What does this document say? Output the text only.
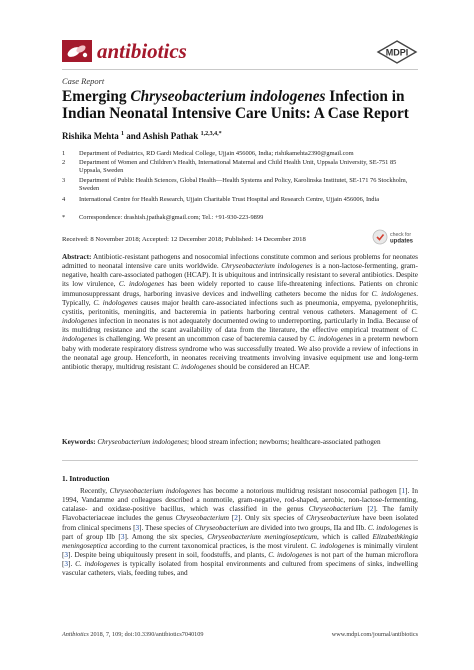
antibiotics	MDPI
Case Report
Emerging Chryseobacterium indologenes Infection in Indian Neonatal Intensive Care Units: A Case Report
Rishika Mehta $^1$ and Ashish Pathak $^{1,2,3,4,*}$
1	Department of Pediatrics, RD Gardi Medical College, Ujjain 456006, India; rishikamehta2390@gmail.com
2	Department of Women and Children’s Health, International Maternal and Child Health Unit, Uppsala University, SE-751 85 Uppsala, Sweden
3	Department of Public Health Sciences, Global Health—Health Systems and Policy, Karolinska Institutet, SE-171 76 Stockholm, Sweden
4	International Centre for Health Research, Ujjain Charitable Trust Hospital and Research Centre, Ujjain 456006, India
*	Correspondence: drashish.jpathak@gmail.com; Tel.: +91-930-223-9899
Received: 8 November 2018; Accepted: 12 December 2018; Published: 14 December 2018
check for
updates
Abstract: Antibiotic-resistant pathogens and nosocomial infections constitute common and serious problems for neonates admitted to neonatal intensive care units worldwide. Chryseobacterium indologenes is a non-lactose-fermenting, gram-negative, health care-associated pathogen (HCAP). It is ubiquitous and intrinsically resistant to several antibiotics. Despite its low virulence, C. indologenes has been widely reported to cause life-threatening infections. Patients on chronic immunosuppressant drugs, harboring invasive devices and indwelling catheters become the nidus for C. indologenes. Typically, C. indologenes causes major health care-associated infections such as pneumonia, empyema, pyelonephritis, cystitis, peritonitis, meningitis, and bacteremia in patients harboring central venous catheters. Management of C. indologenes infection in neonates is not adequately documented owing to underreporting, particularly in India. Because of its multidrug resistance and the scant availability of data from the literature, the effective empirical treatment of C. indologenes is challenging. We present an uncommon case of bacteremia caused by C. indologenes in a preterm newborn baby with moderate respiratory distress syndrome who was successfully treated. We also provide a review of infections in the neonatal age group. Henceforth, in neonates receiving treatments involving invasive equipment use and long-term antibiotic therapy, multidrug resistant C. indologenes should be considered an HCAP.
Keywords: Chryseobacterium indologenes; blood stream infection; newborns; healthcare-associated pathogen
1. Introduction
Recently, Chryseobacterium indologenes has become a notorious multidrug resistant nosocomial pathogen [1]. In 1994, Vandamme and colleagues described a nonmotile, gram-negative, rod-shaped, aerobic, non-lactose-fermenting, catalase- and oxidase-positive bacillus, which was classified in the genus Chryseobacterium [2]. The family Flavobacteriaceae includes the genus Chryseobacterium [2]. Only six species of Chryseobacterium have been isolated from clinical specimens [3]. These species of Chryseobacterium are divided into two groups, IIa and IIb. C. indologenes is part of group IIb [3]. Among the six species, Chryseobacterium meningiosepticum, which is called Elizabethkingia meningoseptica according to the current taxonomical practices, is the most virulent. C. indologenes is minimally virulent [3]. Despite being ubiquitously present in soil, foodstuffs, and plants, C. indologenes is not part of the human microflora [3]. C. indologenes is typically isolated from hospital environments and cultured from specimens of sinks, indwelling vascular catheters, vials, feeding tubes, and
Antibiotics 2018, 7, 109; doi:10.3390/antibiotics7040109	www.mdpi.com/journal/antibiotics
